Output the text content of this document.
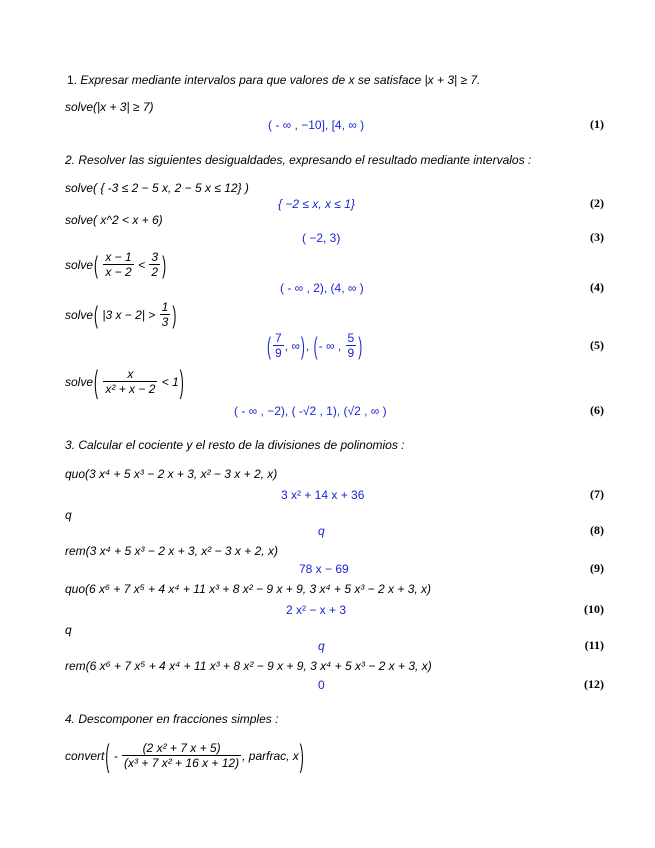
1. Expresar mediante intervalos para que valores de x se satisface |x + 3| ≥ 7.
solve(|x + 3| ≥ 7)
( - ∞ , −10], [4, ∞ )	(1)
2. Resolver las siguientes desigualdades, expresando el resultado mediante intervalos :
solve( { -3 ≤ 2 − 5 x, 2 − 5 x ≤ 12} )
{ −2 ≤ x, x ≤ 1}	(2)
solve( x^2 < x + 6)
( −2, 3)	(3)
solve( $\frac{x - 1}{x - 2} < \frac{3}{2}$ )
( - ∞ , 2), (4, ∞ )	(4)
solve( |3 $x - 2| > \frac{1}{3}$ )
( $\frac{7}{9}$ , ∞), (- ∞ , $\frac{5}{9}$ )	(5)
solve( $\frac{x}{\text{x² + x − 2}} < 1$)
( - ∞ , −2), ( -√2 , 1), (√2 , ∞ )	(6)
3. Calcular el cociente y el resto de la divisiones de polinomios :
quo(3 x⁴ + 5 x³ − 2 x + 3, x² − 3 x + 2, x)
3 x² + 14 x + 36	(7)
q
q	(8)
rem(3 x⁴ + 5 x³ − 2 x + 3, x² − 3 x + 2, x)
78 x − 69	(9)
quo(6 x⁶ + 7 x⁵ + 4 x⁴ + 11 x³ + 8 x² − 9 x + 9, 3 x⁴ + 5 x³ − 2 x + 3, x)
2 x² − x + 3	(10)
q
q	(11)
rem(6 x⁶ + 7 x⁵ + 4 x⁴ + 11 x³ + 8 x² − 9 x + 9, 3 x⁴ + 5 x³ − 2 x + 3, x)
0	(12)
4. Descomponer en fracciones simples :
convert( - $\frac{\text{(2 x² + 7 x + 5)}}{\text{(x³ + 7 x² + 16 x + 12)}}$ , parfrac, x)
